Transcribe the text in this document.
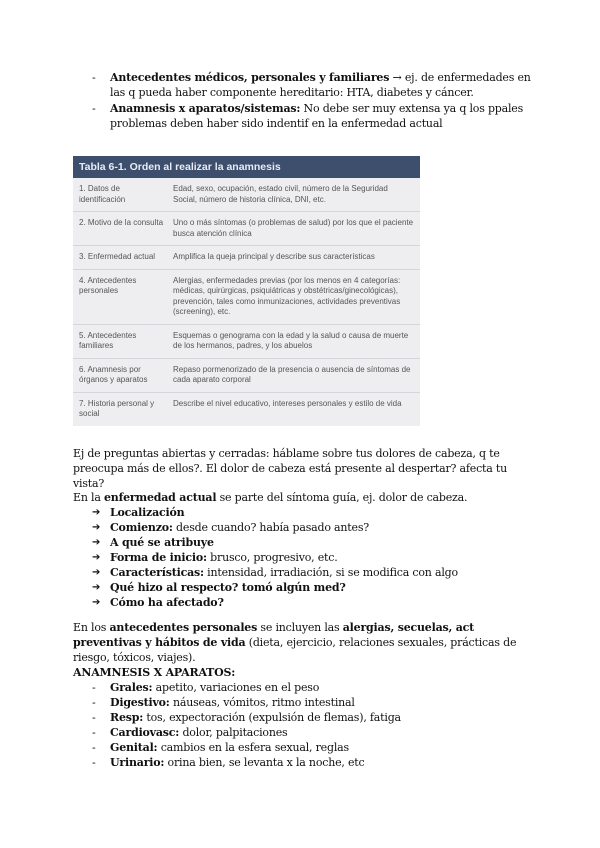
- Antecedentes médicos, personales y familiares → ej. de enfermedades en las q pueda haber componente hereditario: HTA, diabetes y cáncer.
- Anamnesis x aparatos/sistemas: No debe ser muy extensa ya q los ppales problemas deben haber sido indentif en la enfermedad actual
Tabla 6-1. Orden al realizar la anamnesis
1. Datos de identificación
Edad, sexo, ocupación, estado civil, número de la Seguridad Social, número de historia clínica, DNI, etc.
2. Motivo de la consulta	Uno o más síntomas (o problemas de salud) por los que el paciente busca atención clínica
3. Enfermedad actual	Amplifica la queja principal y describe sus características
4. Antecedentes personales
Alergias, enfermedades previas (por los menos en 4 categorías: médicas, quirúrgicas, psiquiátricas y obstétricas/ginecológicas), prevención, tales como inmunizaciones, actividades preventivas (screening), etc.
5. Antecedentes familiares
Esquemas o genograma con la edad y la salud o causa de muerte de los hermanos, padres, y los abuelos
6. Anamnesis por órganos y aparatos
Repaso pormenorizado de la presencia o ausencia de síntomas de cada aparato corporal
7. Historia personal y social
Describe el nivel educativo, intereses personales y estilo de vida

Ej de preguntas abiertas y cerradas: háblame sobre tus dolores de cabeza, q te preocupa más de ellos?. El dolor de cabeza está presente al despertar? afecta tu vista?

En la enfermedad actual se parte del síntoma guía, ej. dolor de cabeza.

➔ Localización
➔ Comienzo: desde cuando? había pasado antes?
➔ A qué se atribuye
➔ Forma de inicio: brusco, progresivo, etc.
➔ Características: intensidad, irradiación, si se modifica con algo
➔ Qué hizo al respecto? tomó algún med?
➔ Cómo ha afectado?

En los antecedentes personales se incluyen las alergias, secuelas, act preventivas y hábitos de vida (dieta, ejercicio, relaciones sexuales, prácticas de riesgo, tóxicos, viajes).

ANAMNESIS X APARATOS:

- Grales: apetito, variaciones en el peso
- Digestivo: náuseas, vómitos, ritmo intestinal
- Resp: tos, expectoración (expulsión de flemas), fatiga
- Cardiovasc: dolor, palpitaciones
- Genital: cambios en la esfera sexual, reglas
- Urinario: orina bien, se levanta x la noche, etc
